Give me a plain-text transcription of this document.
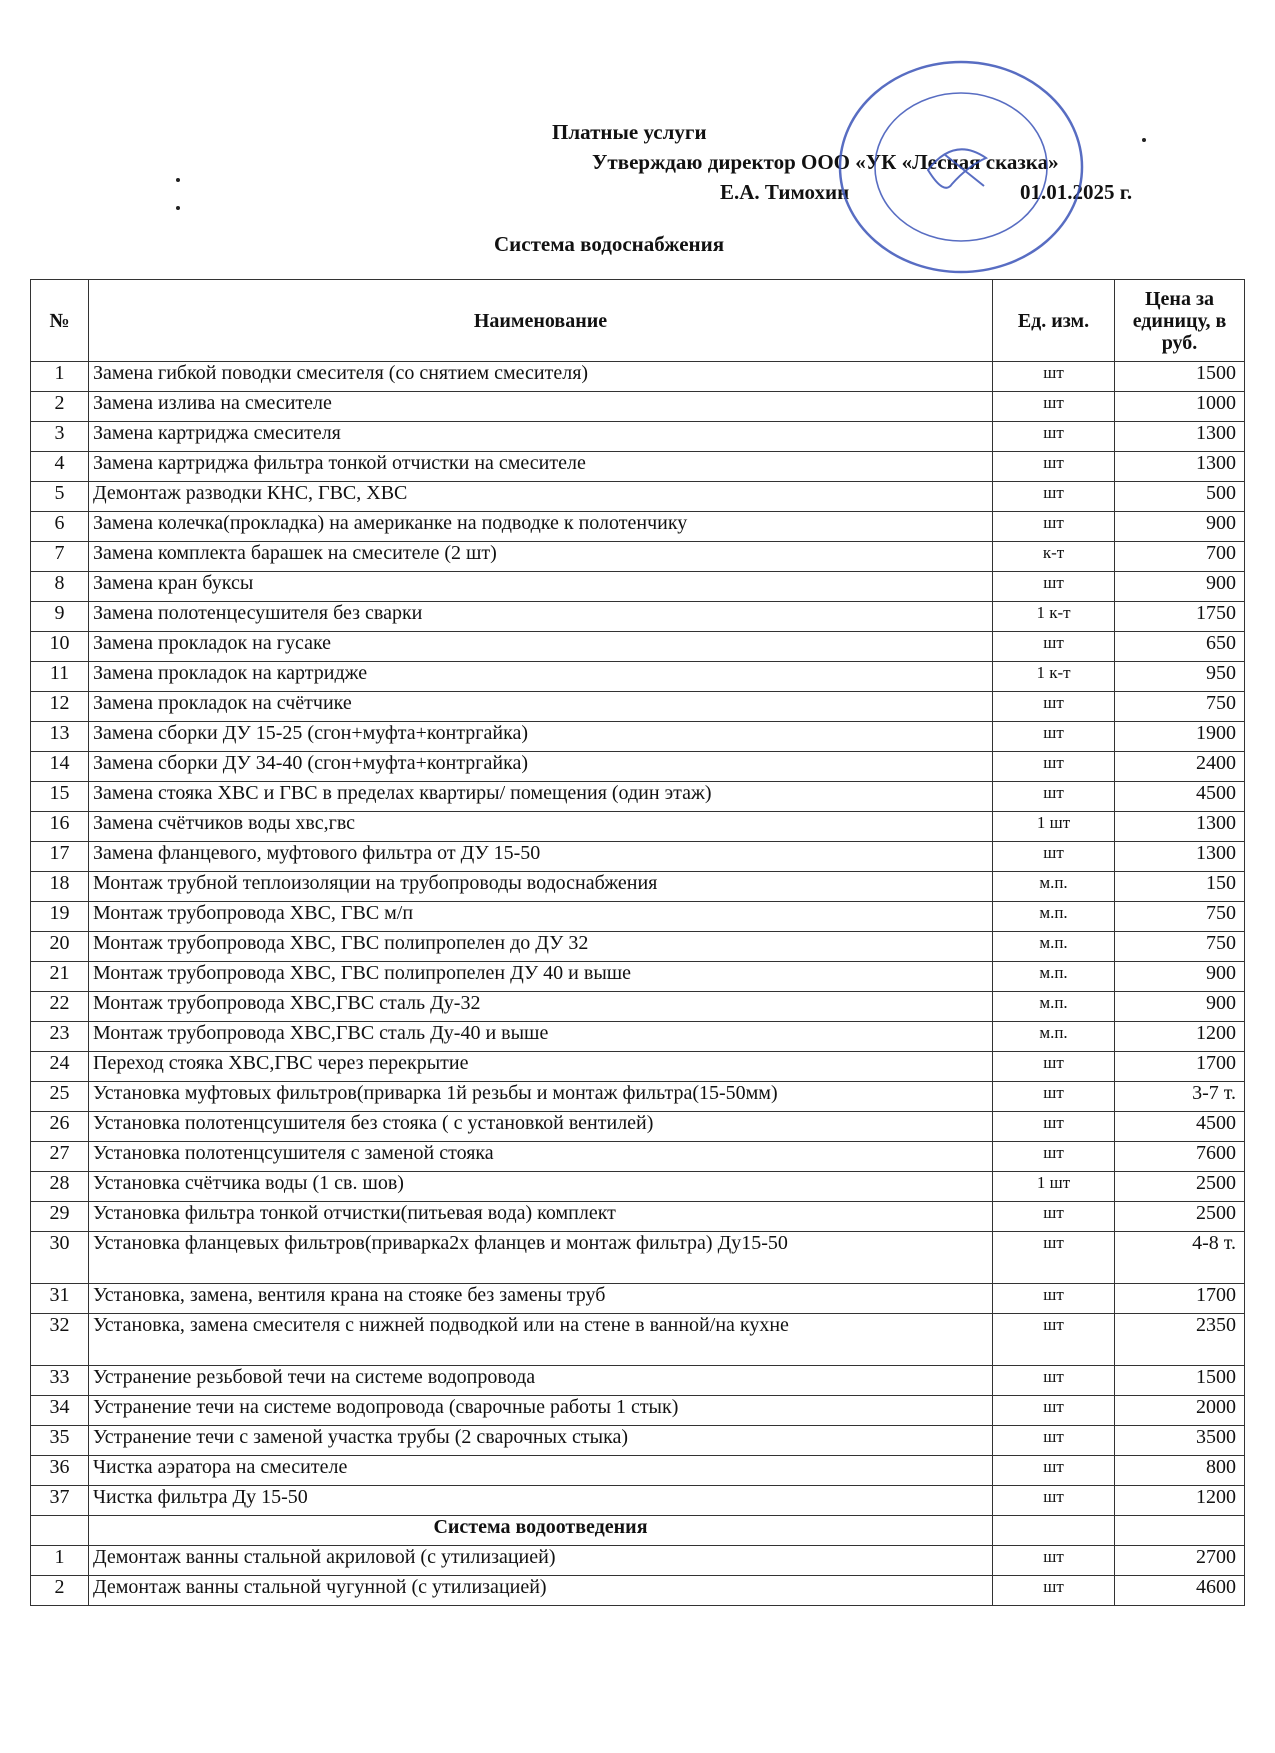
Платные услуги
Утверждаю директор ООО «УК «Лесная сказка»
Е.А. Тимохин	01.01.2025 г.
Система водоснабжения
№	Наименование	Ед. изм.	Цена за единицу, в руб.
1	Замена гибкой поводки смесителя (со снятием смесителя)	шт	1500
2	Замена излива на смесителе	шт	1000
3	Замена картриджа смесителя	шт	1300
4	Замена картриджа фильтра тонкой отчистки на смесителе	шт	1300
5	Демонтаж разводки КНС, ГВС, ХВС	шт	500
6	Замена колечка(прокладка) на американке на подводке к полотенчику	шт	900
7	Замена комплекта барашек на смесителе (2 шт)	к-т	700
8	Замена кран буксы	шт	900
9	Замена полотенцесушителя без сварки	1 к-т	1750
10	Замена прокладок на гусаке	шт	650
11	Замена прокладок на картридже	1 к-т	950
12	Замена прокладок на счётчике	шт	750
13	Замена сборки ДУ 15-25 (сгон+муфта+контргайка)	шт	1900
14	Замена сборки ДУ 34-40 (сгон+муфта+контргайка)	шт	2400
15	Замена стояка ХВС и ГВС в пределах квартиры/ помещения (один этаж)	шт	4500
16	Замена счётчиков воды хвс,гвс	1 шт	1300
17	Замена фланцевого, муфтового фильтра от ДУ 15-50	шт	1300
18	Монтаж трубной теплоизоляции на трубопроводы водоснабжения	м.п.	150
19	Монтаж трубопровода ХВС, ГВС м/п	м.п.	750
20	Монтаж трубопровода ХВС, ГВС полипропелен до ДУ 32	м.п.	750
21	Монтаж трубопровода ХВС, ГВС полипропелен ДУ 40 и выше	м.п.	900
22	Монтаж трубопровода ХВС,ГВС сталь Ду-32	м.п.	900
23	Монтаж трубопровода ХВС,ГВС сталь Ду-40 и выше	м.п.	1200
24	Переход стояка ХВС,ГВС через перекрытие	шт	1700
25	Установка муфтовых фильтров(приварка 1й резьбы и монтаж фильтра(15-50мм)	шт	3-7 т.
26	Установка полотенцсушителя без стояка ( с установкой вентилей)	шт	4500
27	Установка полотенцсушителя с заменой стояка	шт	7600
28	Установка счётчика воды (1 св. шов)	1 шт	2500
29	Установка фильтра тонкой отчистки(питьевая вода) комплект	шт	2500
30	Установка фланцевых фильтров(приварка2х фланцев и монтаж фильтра) Ду15-50	шт	4-8 т.
31	Установка, замена, вентиля крана на стояке без замены труб	шт	1700
32	Установка, замена смесителя с нижней подводкой или на стене в ванной/на кухне	шт	2350
33	Устранение резьбовой течи на системе водопровода	шт	1500
34	Устранение течи на системе водопровода (сварочные работы 1 стык)	шт	2000
35	Устранение течи с заменой участка трубы (2 сварочных стыка)	шт	3500
36	Чистка аэратора на смесителе	шт	800
37	Чистка фильтра Ду 15-50	шт	1200
	Система водоотведения		
1	Демонтаж ванны стальной акриловой (с утилизацией)	шт	2700
2	Демонтаж ванны стальной чугунной (с утилизацией)	шт	4600
